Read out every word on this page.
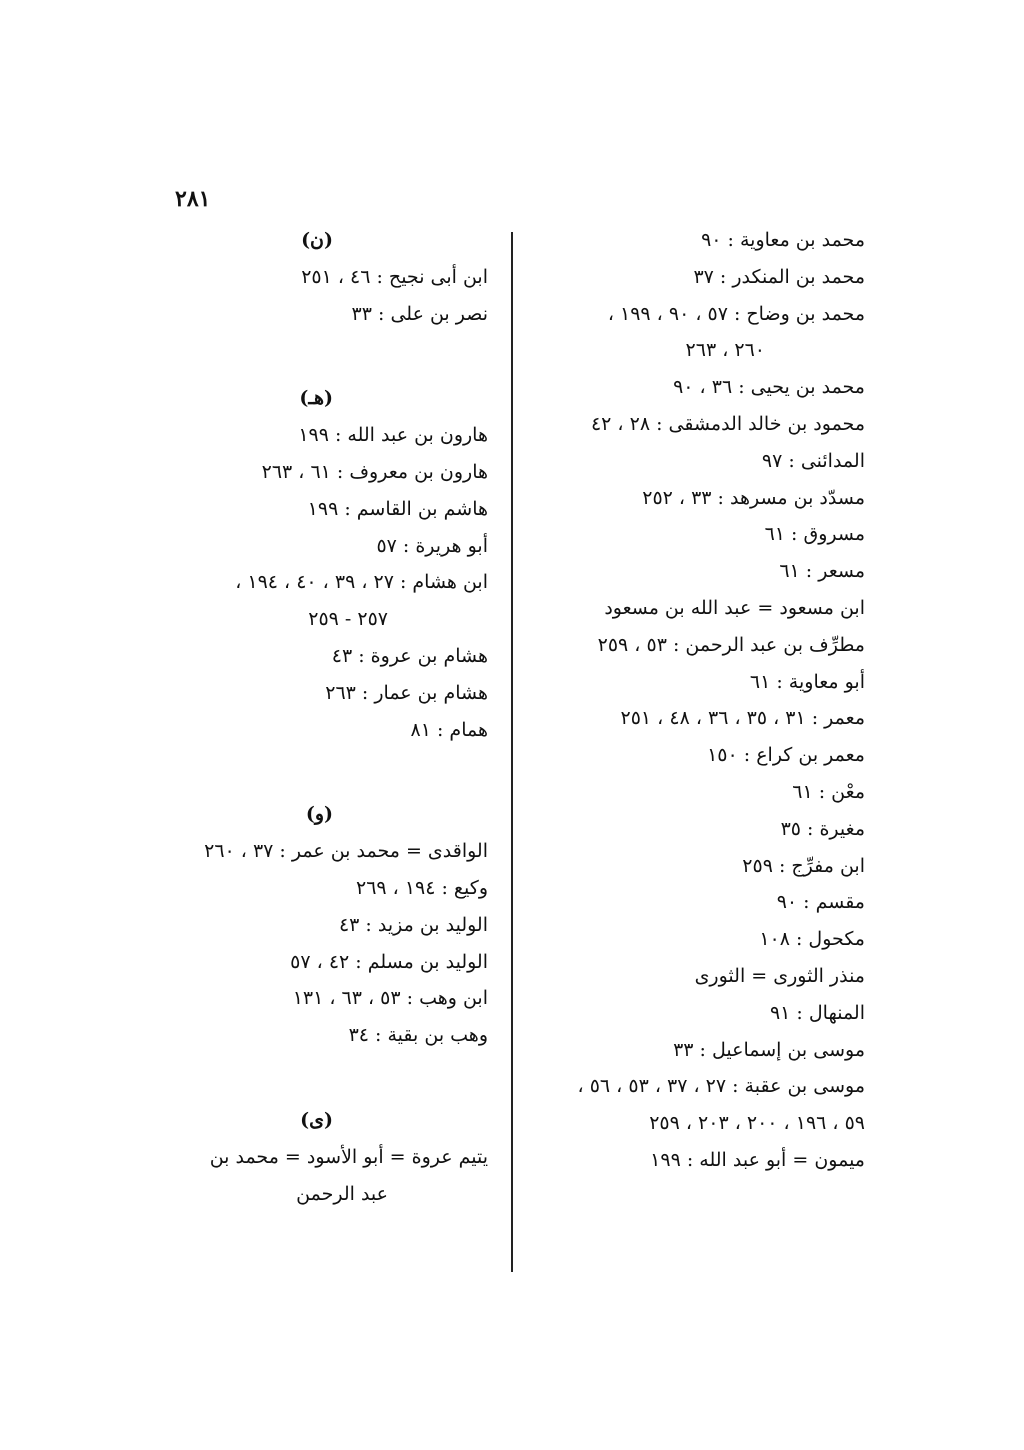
٢٨١
محمد بن معاوية : ٩٠
محمد بن المنكدر : ٣٧
محمد بن وضاح : ٥٧ ، ٩٠ ، ١٩٩ ،
٢٦٠ ، ٢٦٣
محمد بن يحيى : ٣٦ ، ٩٠
محمود بن خالد الدمشقى : ٢٨ ، ٤٢
المدائنى : ٩٧
مسدّد بن مسرهد : ٣٣ ، ٢٥٢
مسروق : ٦١
مسعر : ٦١
ابن مسعود = عبد الله بن مسعود
مطرِّف بن عبد الرحمن : ٥٣ ، ٢٥٩
أبو معاوية : ٦١
معمر : ٣١ ، ٣٥ ، ٣٦ ، ٤٨ ، ٢٥١
معمر بن كراع : ١٥٠
معْن : ٦١
مغيرة : ٣٥
ابن مفرِّج : ٢٥٩
مقسم : ٩٠
مكحول : ١٠٨
منذر الثورى = الثورى
المنهال : ٩١
موسى بن إسماعيل : ٣٣
موسى بن عقبة : ٢٧ ، ٣٧ ، ٥٣ ، ٥٦ ،
٥٩ ، ١٩٦ ، ٢٠٠ ، ٢٠٣ ، ٢٥٩
ميمون = أبو عبد الله : ١٩٩
(ن)
ابن أبى نجيح : ٤٦ ، ٢٥١
نصر بن على : ٣٣
(هـ)
هارون بن عبد الله : ١٩٩
هارون بن معروف : ٦١ ، ٢٦٣
هاشم بن القاسم : ١٩٩
أبو هريرة : ٥٧
ابن هشام : ٢٧ ، ٣٩ ، ٤٠ ، ١٩٤ ،
٢٥٧ - ٢٥٩
هشام بن عروة : ٤٣
هشام بن عمار : ٢٦٣
همام : ٨١
(و)
الواقدى = محمد بن عمر : ٣٧ ، ٢٦٠
وكيع : ١٩٤ ، ٢٦٩
الوليد بن مزيد : ٤٣
الوليد بن مسلم : ٤٢ ، ٥٧
ابن وهب : ٥٣ ، ٦٣ ، ١٣١
وهب بن بقية : ٣٤
(ى)
يتيم عروة = أبو الأسود = محمد بن
عبد الرحمن
